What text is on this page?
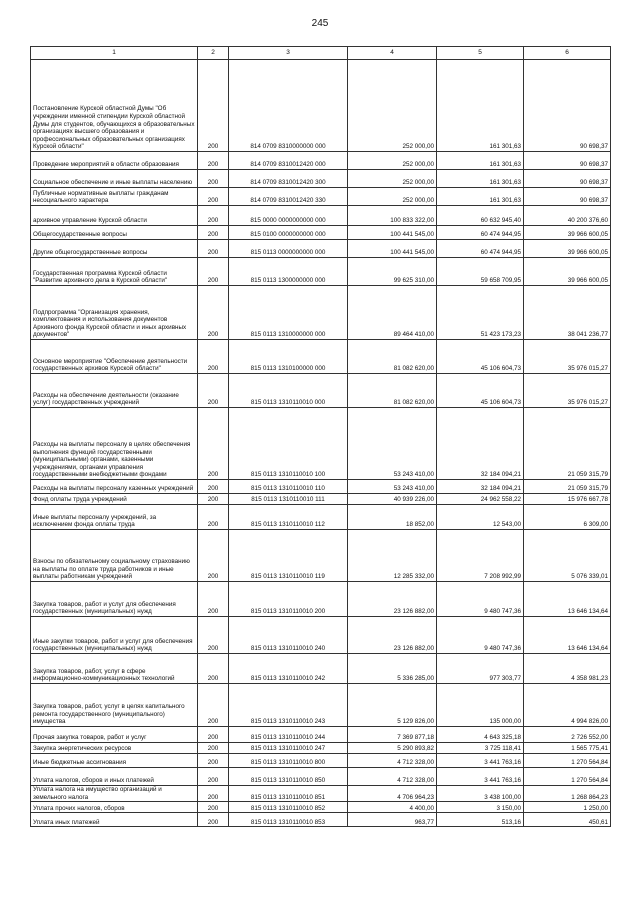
245
1	2	3	4	5	6
Постановление Курской областной Думы "Об учреждении именной стипендии Курской областной Думы для студентов, обучающихся в образовательных организациях высшего образования и профессиональных образовательных организациях Курской области"	200	814 0709 8310000000 000	252 000,00	161 301,63	90 698,37
Проведение мероприятий в области образования	200	814 0709 8310012420 000	252 000,00	161 301,63	90 698,37
Социальное обеспечение и иные выплаты населению	200	814 0709 8310012420 300	252 000,00	161 301,63	90 698,37
Публичные нормативные выплаты гражданам несоциального характера	200	814 0709 8310012420 330	252 000,00	161 301,63	90 698,37
архивное управление Курской области	200	815 0000 0000000000 000	100 833 322,00	60 632 945,40	40 200 376,60
Общегосударственные вопросы	200	815 0100 0000000000 000	100 441 545,00	60 474 944,95	39 966 600,05
Другие общегосударственные вопросы	200	815 0113 0000000000 000	100 441 545,00	60 474 944,95	39 966 600,05
Государственная программа Курской области "Развитие архивного дела в Курской области"	200	815 0113 1300000000 000	99 625 310,00	59 658 709,95	39 966 600,05
Подпрограмма "Организация хранения, комплектования и использования документов Архивного фонда Курской области и иных архивных документов"	200	815 0113 1310000000 000	89 464 410,00	51 423 173,23	38 041 236,77
Основное мероприятие "Обеспечение деятельности государственных архивов Курской области"	200	815 0113 1310100000 000	81 082 620,00	45 106 604,73	35 976 015,27
Расходы на обеспечение деятельности (оказание услуг) государственных учреждений	200	815 0113 1310110010 000	81 082 620,00	45 106 604,73	35 976 015,27
Расходы на выплаты персоналу в целях обеспечения выполнения функций государственными (муниципальными) органами, казенными учреждениями, органами управления государственными внебюджетными фондами	200	815 0113 1310110010 100	53 243 410,00	32 184 094,21	21 059 315,79
Расходы на выплаты персоналу казенных учреждений	200	815 0113 1310110010 110	53 243 410,00	32 184 094,21	21 059 315,79
Фонд оплаты труда учреждений	200	815 0113 1310110010 111	40 939 226,00	24 962 558,22	15 976 667,78
Иные выплаты персоналу учреждений, за исключением фонда оплаты труда	200	815 0113 1310110010 112	18 852,00	12 543,00	6 309,00
Взносы по обязательному социальному страхованию на выплаты по оплате труда работников и иные выплаты работникам учреждений	200	815 0113 1310110010 119	12 285 332,00	7 208 992,99	5 076 339,01
Закупка товаров, работ и услуг для обеспечения государственных (муниципальных) нужд	200	815 0113 1310110010 200	23 126 882,00	9 480 747,36	13 646 134,64
Иные закупки товаров, работ и услуг для обеспечения государственных (муниципальных) нужд	200	815 0113 1310110010 240	23 126 882,00	9 480 747,36	13 646 134,64
Закупка товаров, работ, услуг в сфере информационно-коммуникационных технологий	200	815 0113 1310110010 242	5 336 285,00	977 303,77	4 358 981,23
Закупка товаров, работ, услуг в целях капитального ремонта государственного (муниципального) имущества	200	815 0113 1310110010 243	5 129 826,00	135 000,00	4 994 826,00
Прочая закупка товаров, работ и услуг	200	815 0113 1310110010 244	7 369 877,18	4 643 325,18	2 726 552,00
Закупка энергетических ресурсов	200	815 0113 1310110010 247	5 290 893,82	3 725 118,41	1 565 775,41
Иные бюджетные ассигнования	200	815 0113 1310110010 800	4 712 328,00	3 441 763,16	1 270 564,84
Уплата налогов, сборов и иных платежей	200	815 0113 1310110010 850	4 712 328,00	3 441 763,16	1 270 564,84
Уплата налога на имущество организаций и земельного налога	200	815 0113 1310110010 851	4 706 964,23	3 438 100,00	1 268 864,23
Уплата прочих налогов, сборов	200	815 0113 1310110010 852	4 400,00	3 150,00	1 250,00
Уплата иных платежей	200	815 0113 1310110010 853	963,77	513,16	450,61
